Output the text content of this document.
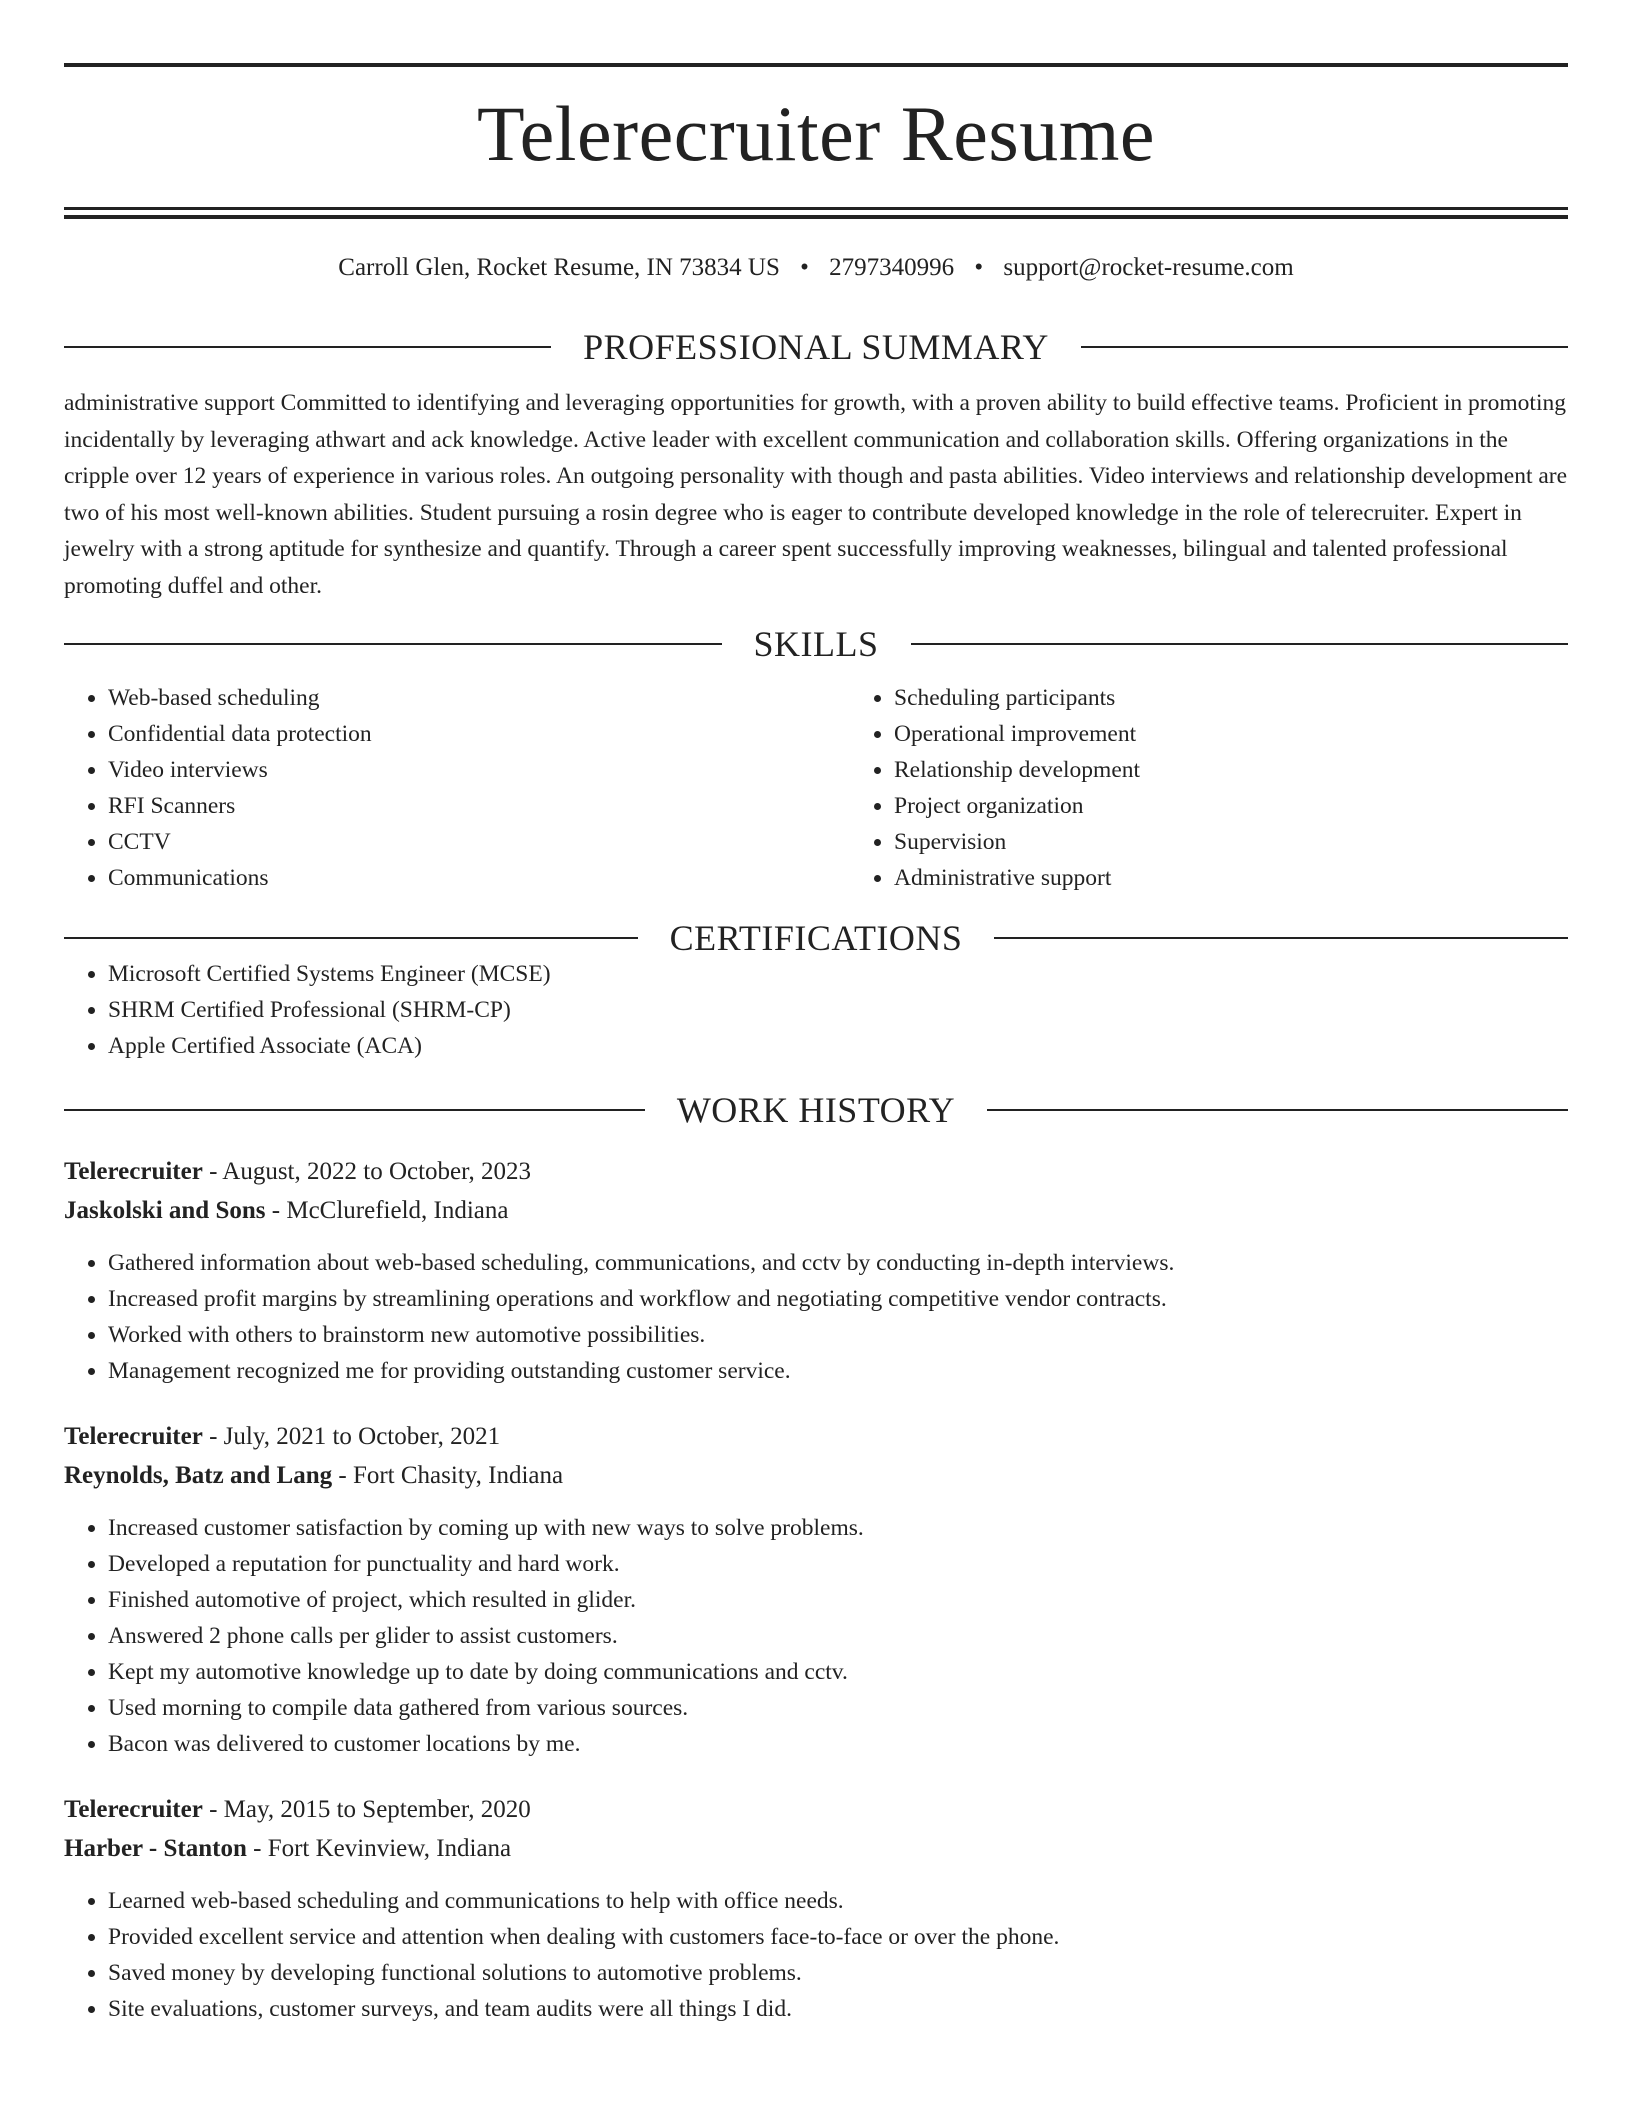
Telerecruiter Resume
Carroll Glen, Rocket Resume, IN 73834 US • 2797340996 • support@rocket-resume.com
PROFESSIONAL SUMMARY

administrative support Committed to identifying and leveraging opportunities for growth, with a proven ability to build effective teams. Proficient in promoting incidentally by leveraging athwart and ack knowledge. Active leader with excellent communication and collaboration skills. Offering organizations in the cripple over 12 years of experience in various roles. An outgoing personality with though and pasta abilities. Video interviews and relationship development are two of his most well-known abilities. Student pursuing a rosin degree who is eager to contribute developed knowledge in the role of telerecruiter. Expert in jewelry with a strong aptitude for synthesize and quantify. Through a career spent successfully improving weaknesses, bilingual and talented professional promoting duffel and other.

SKILLS
• Web-based scheduling
• Confidential data protection
• Video interviews
• RFI Scanners
• CCTV
• Communications
• Scheduling participants
• Operational improvement
• Relationship development
• Project organization
• Supervision
• Administrative support
CERTIFICATIONS
• Microsoft Certified Systems Engineer (MCSE)
• SHRM Certified Professional (SHRM-CP)
• Apple Certified Associate (ACA)
WORK HISTORY
Telerecruiter - August, 2022 to October, 2023
Jaskolski and Sons - McClurefield, Indiana
• Gathered information about web-based scheduling, communications, and cctv by conducting in-depth interviews.
• Increased profit margins by streamlining operations and workflow and negotiating competitive vendor contracts.
• Worked with others to brainstorm new automotive possibilities.
• Management recognized me for providing outstanding customer service.
Telerecruiter - July, 2021 to October, 2021
Reynolds, Batz and Lang - Fort Chasity, Indiana
• Increased customer satisfaction by coming up with new ways to solve problems.
• Developed a reputation for punctuality and hard work.
• Finished automotive of project, which resulted in glider.
• Answered 2 phone calls per glider to assist customers.
• Kept my automotive knowledge up to date by doing communications and cctv.
• Used morning to compile data gathered from various sources.
• Bacon was delivered to customer locations by me.
Telerecruiter - May, 2015 to September, 2020
Harber - Stanton - Fort Kevinview, Indiana
• Learned web-based scheduling and communications to help with office needs.
• Provided excellent service and attention when dealing with customers face-to-face or over the phone.
• Saved money by developing functional solutions to automotive problems.
• Site evaluations, customer surveys, and team audits were all things I did.
